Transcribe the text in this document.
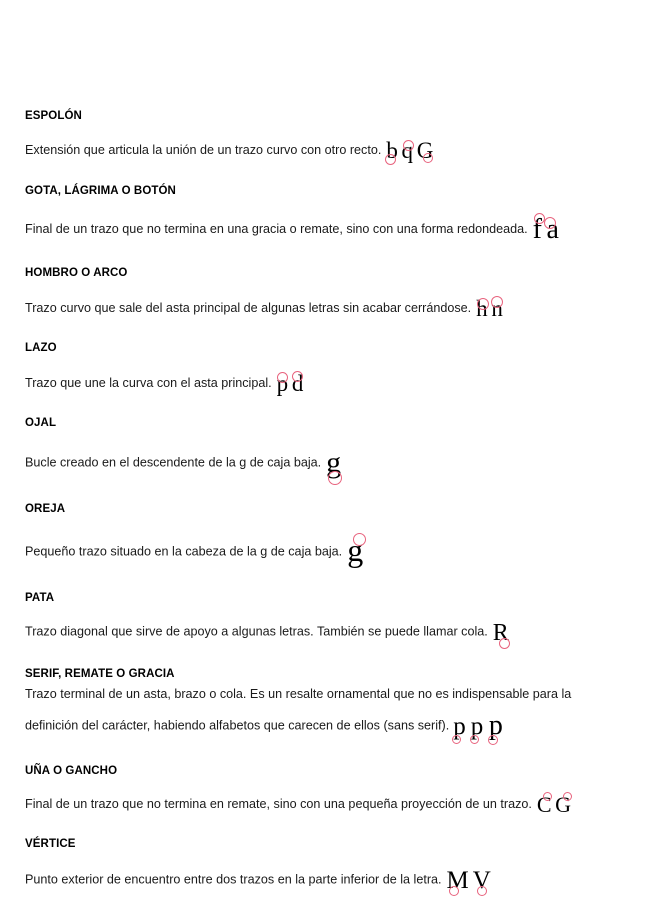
ESPOLÓN
Extensión que articula la unión de un trazo curvo con otro recto. b q G
GOTA, LÁGRIMA O BOTÓN
Final de un trazo que no termina en una gracia o remate, sino con una forma redondeada. f a
HOMBRO O ARCO
Trazo curvo que sale del asta principal de algunas letras sin acabar cerrándose. h n
LAZO
Trazo que une la curva con el asta principal. p d
OJAL
Bucle creado en el descendente de la g de caja baja. g
OREJA
Pequeño trazo situado en la cabeza de la g de caja baja. g
PATA
Trazo diagonal que sirve de apoyo a algunas letras. También se puede llamar cola. R
SERIF, REMATE O GRACIA
Trazo terminal de un asta, brazo o cola. Es un resalte ornamental que no es indispensable para la definición del carácter, habiendo alfabetos que carecen de ellos (sans serif). p p p
UÑA O GANCHO
Final de un trazo que no termina en remate, sino con una pequeña proyección de un trazo. C G
VÉRTICE
Punto exterior de encuentro entre dos trazos en la parte inferior de la letra. M V
